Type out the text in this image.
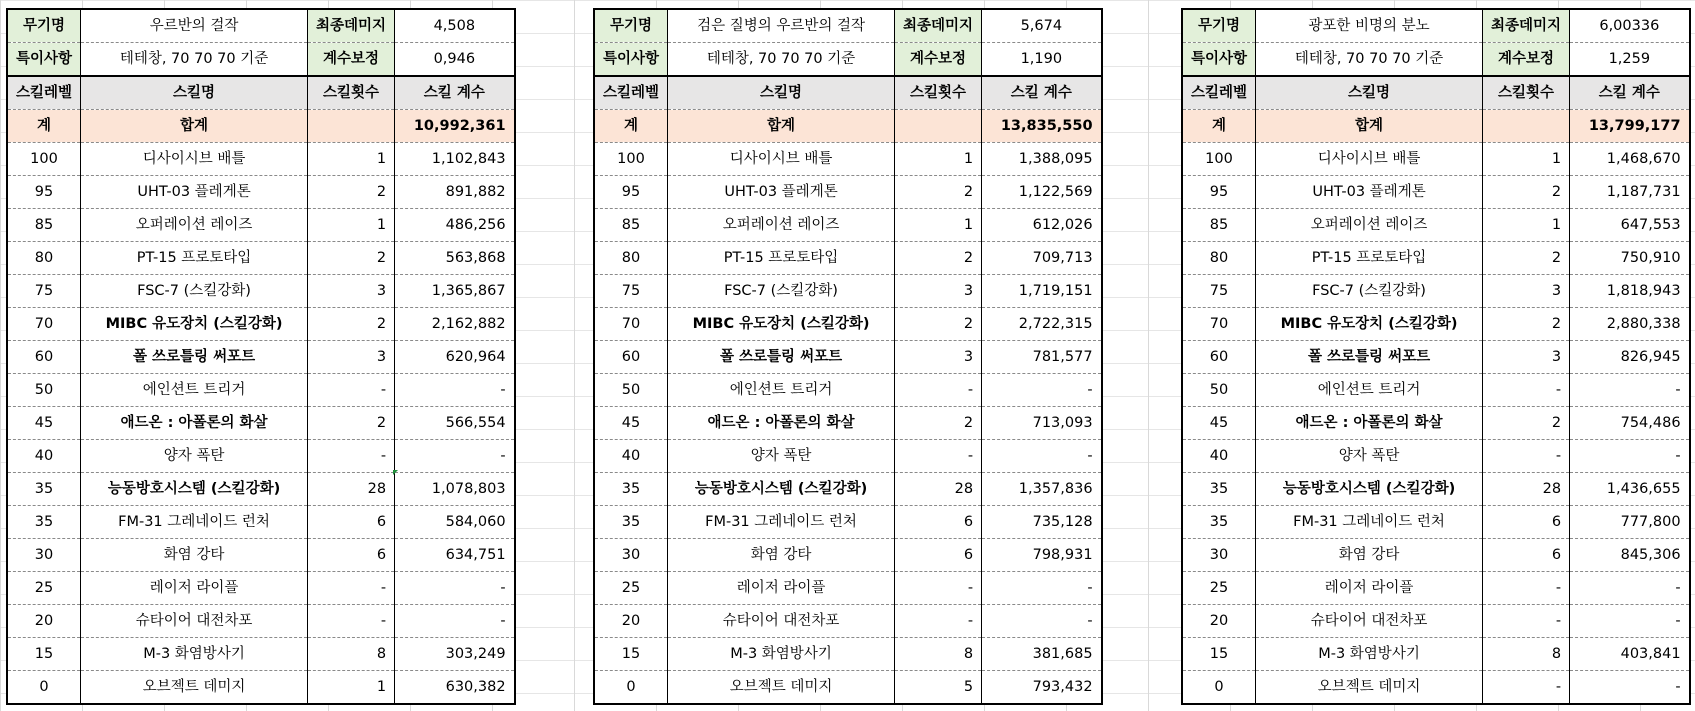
무기명	우르반의 걸작	최종데미지	4,508
특이사항	테테창, 70 70 70 기준	계수보정	0,946
스킬레벨	스킬명	스킬횟수	스킬 계수
계	합계		10,992,361
100	디사이시브 배틀	1	1,102,843
95	UHT-03 플레게톤	2	891,882
85	오퍼레이션 레이즈	1	486,256
80	PT-15 프로토타입	2	563,868
75	FSC-7 (스킬강화)	3	1,365,867
70	MIBC 유도장치 (스킬강화)	2	2,162,882
60	폴 쓰로틀링 써포트	3	620,964
50	에인션트 트리거	-	-
45	애드온 : 아폴론의 화살	2	566,554
40	양자 폭탄	-	-
35	능동방호시스템 (스킬강화)	28	1,078,803
35	FM-31 그레네이드 런처	6	584,060
30	화염 강타	6	634,751
25	레이저 라이플	-	-
20	슈타이어 대전차포	-	-
15	M-3 화염방사기	8	303,249
0	오브젝트 데미지	1	630,382
무기명	검은 질병의 우르반의 걸작	최종데미지	5,674
특이사항	테테창, 70 70 70 기준	계수보정	1,190
스킬레벨	스킬명	스킬횟수	스킬 계수
계	합계		13,835,550
100	디사이시브 배틀	1	1,388,095
95	UHT-03 플레게톤	2	1,122,569
85	오퍼레이션 레이즈	1	612,026
80	PT-15 프로토타입	2	709,713
75	FSC-7 (스킬강화)	3	1,719,151
70	MIBC 유도장치 (스킬강화)	2	2,722,315
60	폴 쓰로틀링 써포트	3	781,577
50	에인션트 트리거	-	-
45	애드온 : 아폴론의 화살	2	713,093
40	양자 폭탄	-	-
35	능동방호시스템 (스킬강화)	28	1,357,836
35	FM-31 그레네이드 런처	6	735,128
30	화염 강타	6	798,931
25	레이저 라이플	-	-
20	슈타이어 대전차포	-	-
15	M-3 화염방사기	8	381,685
0	오브젝트 데미지	5	793,432
무기명	광포한 비명의 분노	최종데미지	6,00336
특이사항	테테창, 70 70 70 기준	계수보정	1,259
스킬레벨	스킬명	스킬횟수	스킬 계수
계	합계		13,799,177
100	디사이시브 배틀	1	1,468,670
95	UHT-03 플레게톤	2	1,187,731
85	오퍼레이션 레이즈	1	647,553
80	PT-15 프로토타입	2	750,910
75	FSC-7 (스킬강화)	3	1,818,943
70	MIBC 유도장치 (스킬강화)	2	2,880,338
60	폴 쓰로틀링 써포트	3	826,945
50	에인션트 트리거	-	-
45	애드온 : 아폴론의 화살	2	754,486
40	양자 폭탄	-	-
35	능동방호시스템 (스킬강화)	28	1,436,655
35	FM-31 그레네이드 런처	6	777,800
30	화염 강타	6	845,306
25	레이저 라이플	-	-
20	슈타이어 대전차포	-	-
15	M-3 화염방사기	8	403,841
0	오브젝트 데미지	-	-
